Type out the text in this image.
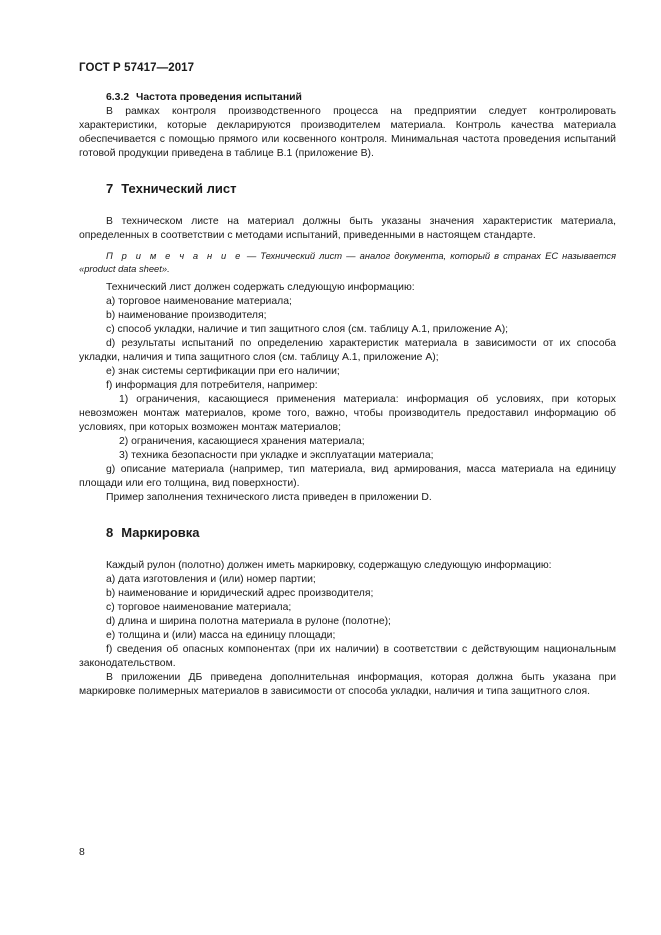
ГОСТ Р 57417—2017

6.3.2 Частота проведения испытаний

В рамках контроля производственного процесса на предприятии следует контролировать характеристики, которые декларируются производителем материала. Контроль качества материала обеспечивается с помощью прямого или косвенного контроля. Минимальная частота проведения испытаний готовой продукции приведена в таблице В.1 (приложение В).

7 Технический лист

В техническом листе на материал должны быть указаны значения характеристик материала, определенных в соответствии с методами испытаний, приведенными в настоящем стандарте.

П р и м е ч а н и е — Технический лист — аналог документа, который в странах ЕС называется «product data sheet».

Технический лист должен содержать следующую информацию:

a) торговое наименование материала;

b) наименование производителя;

c) способ укладки, наличие и тип защитного слоя (см. таблицу А.1, приложение А);

d) результаты испытаний по определению характеристик материала в зависимости от их способа укладки, наличия и типа защитного слоя (см. таблицу А.1, приложение А);

e) знак системы сертификации при его наличии;

f) информация для потребителя, например:

1) ограничения, касающиеся применения материала: информация об условиях, при которых невозможен монтаж материалов, кроме того, важно, чтобы производитель предоставил информацию об условиях, при которых возможен монтаж материалов;

2) ограничения, касающиеся хранения материала;

3) техника безопасности при укладке и эксплуатации материала;

g) описание материала (например, тип материала, вид армирования, масса материала на единицу площади или его толщина, вид поверхности).

Пример заполнения технического листа приведен в приложении D.

8 Маркировка

Каждый рулон (полотно) должен иметь маркировку, содержащую следующую информацию:

а) дата изготовления и (или) номер партии;

b) наименование и юридический адрес производителя;

c) торговое наименование материала;

d) длина и ширина полотна материала в рулоне (полотне);

e) толщина и (или) масса на единицу площади;

f) сведения об опасных компонентах (при их наличии) в соответствии с действующим национальным законодательством.

В приложении ДБ приведена дополнительная информация, которая должна быть указана при маркировке полимерных материалов в зависимости от способа укладки, наличия и типа защитного слоя.

8
